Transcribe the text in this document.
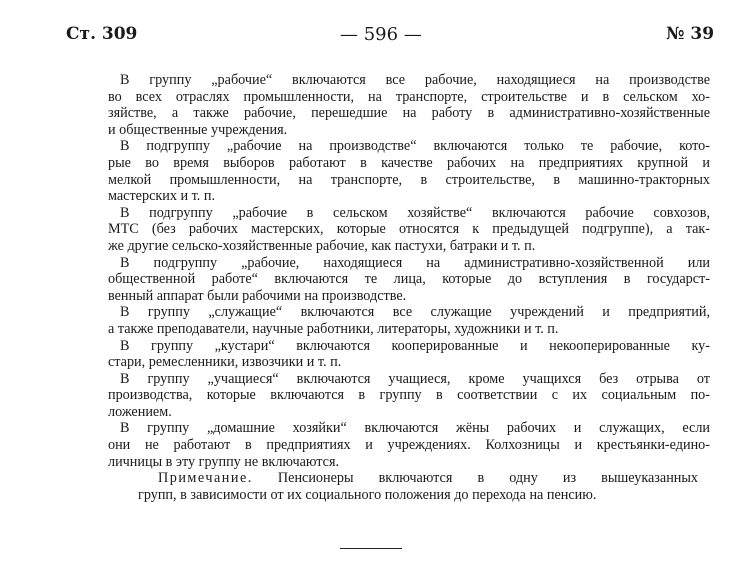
Ст. 309	— 596 —	№ 39
В группу „рабочие“ включаются все рабочие, находящиеся на производстве
во всех отраслях промышленности, на транспорте, строительстве и в сельском хо-
зяйстве, а также рабочие, перешедшие на работу в административно-хозяйственные
и общественные учреждения.
В подгруппу „рабочие на производстве“ включаются только те рабочие, кото-
рые во время выборов работают в качестве рабочих на предприятиях крупной и
мелкой промышленности, на транспорте, в строительстве, в машинно-тракторных
мастерских и т. п.
В подгруппу „рабочие в сельском хозяйстве“ включаются рабочие совхозов,
МТС (без рабочих мастерских, которые относятся к предыдущей подгруппе), а так-
же другие сельско-хозяйственные рабочие, как пастухи, батраки и т. п.
В подгруппу „рабочие, находящиеся на административно-хозяйственной или
общественной работе“ включаются те лица, которые до вступления в государст-
венный аппарат были рабочими на производстве.
В группу „служащие“ включаются все служащие учреждений и предприятий,
а также преподаватели, научные работники, литераторы, художники и т. п.
В группу „кустари“ включаются кооперированные и некооперированные ку-
стари, ремесленники, извозчики и т. п.
В группу „учащиеся“ включаются учащиеся, кроме учащихся без отрыва от
производства, которые включаются в группу в соответствии с их социальным по-
ложением.
В группу „домашние хозяйки“ включаются жёны рабочих и служащих, если
они не работают в предприятиях и учреждениях. Колхозницы и крестьянки-едино-
личницы в эту группу не включаются.
Примечание. Пенсионеры включаются в одну из вышеуказанных
групп, в зависимости от их социального положения до перехода на пенсию.
